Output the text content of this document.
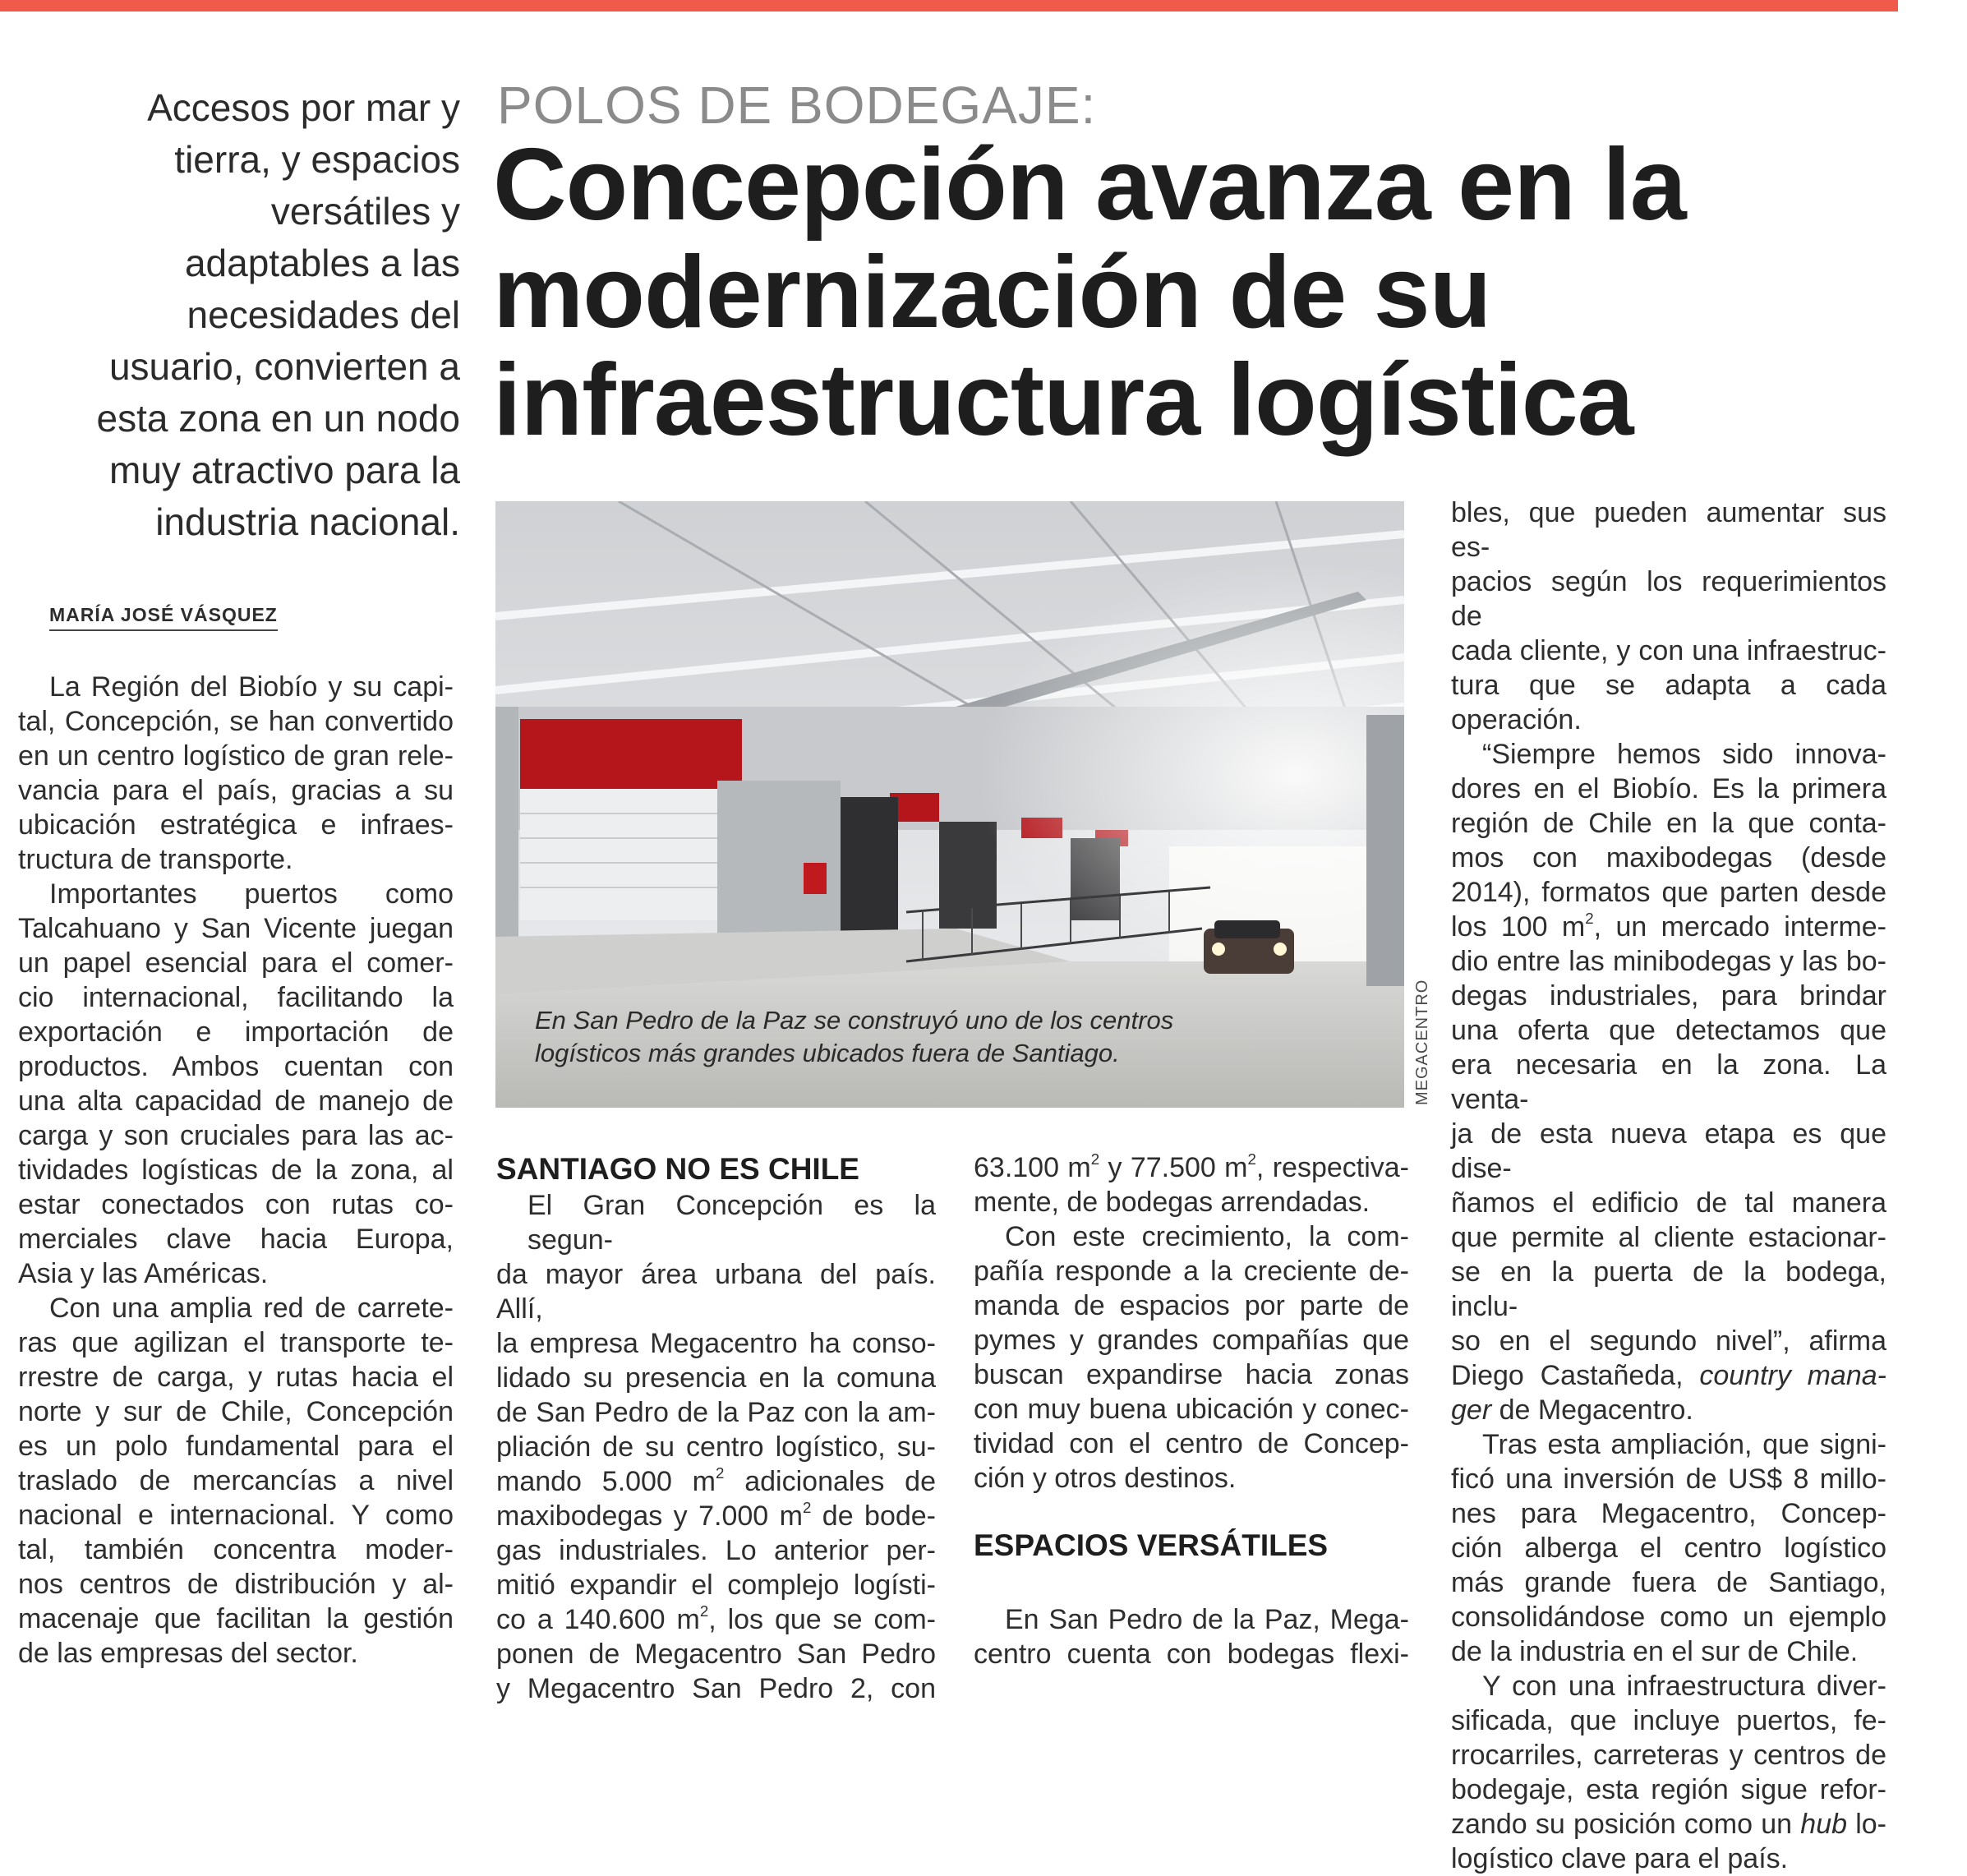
Accesos por mar y
tierra, y espacios
versátiles y
adaptables a las
necesidades del
usuario, convierten a
esta zona en un nodo
muy atractivo para la
industria nacional.
POLOS DE BODEGAJE:
Concepción avanza en la
modernización de su
infraestructura logística
MARÍA JOSÉ VÁSQUEZ
La Región del Biobío y su capi-
tal, Concepción, se han convertido
en un centro logístico de gran rele-
vancia para el país, gracias a su
ubicación estratégica e infraes-
tructura de transporte.
Importantes puertos como
Talcahuano y San Vicente juegan
un papel esencial para el comer-
cio internacional, facilitando la
exportación e importación de
productos. Ambos cuentan con
una alta capacidad de manejo de
carga y son cruciales para las ac-
tividades logísticas de la zona, al
estar conectados con rutas co-
merciales clave hacia Europa,
Asia y las Américas.
Con una amplia red de carrete-
ras que agilizan el transporte te-
rrestre de carga, y rutas hacia el
norte y sur de Chile, Concepción
es un polo fundamental para el
traslado de mercancías a nivel
nacional e internacional. Y como
tal, también concentra moder-
nos centros de distribución y al-
macenaje que facilitan la gestión
de las empresas del sector.
En San Pedro de la Paz se construyó uno de los centros
logísticos más grandes ubicados fuera de Santiago.	MEGACENTRO
SANTIAGO NO ES CHILE
El Gran Concepción es la segun-
da mayor área urbana del país. Allí,
la empresa Megacentro ha conso-
lidado su presencia en la comuna
de San Pedro de la Paz con la am-
pliación de su centro logístico, su-
mando 5.000 $m^2$ adicionales de
maxibodegas y 7.000 $m^2$ de bode-
gas industriales. Lo anterior per-
mitió expandir el complejo logísti-
co a 140.600 $m^2$, los que se com-
ponen de Megacentro San Pedro
y Megacentro San Pedro 2, con
63.100 $m^2$ y 77.500 $m^2$, respectiva-
mente, de bodegas arrendadas.
Con este crecimiento, la com-
pañía responde a la creciente de-
manda de espacios por parte de
pymes y grandes compañías que
buscan expandirse hacia zonas
con muy buena ubicación y conec-
tividad con el centro de Concep-
ción y otros destinos.
ESPACIOS VERSÁTILES
En San Pedro de la Paz, Mega-
centro cuenta con bodegas flexi-
bles, que pueden aumentar sus es-
pacios según los requerimientos de
cada cliente, y con una infraestruc-
tura que se adapta a cada operación.
“Siempre hemos sido innova-
dores en el Biobío. Es la primera
región de Chile en la que conta-
mos con maxibodegas (desde
2014), formatos que parten desde
los 100 $m^2$, un mercado interme-
dio entre las minibodegas y las bo-
degas industriales, para brindar
una oferta que detectamos que
era necesaria en la zona. La venta-
ja de esta nueva etapa es que dise-
ñamos el edificio de tal manera
que permite al cliente estacionar-
se en la puerta de la bodega, inclu-
so en el segundo nivel”, afirma
Diego Castañeda, country mana-
ger de Megacentro.
Tras esta ampliación, que signi-
ficó una inversión de US$ 8 millo-
nes para Megacentro, Concep-
ción alberga el centro logístico
más grande fuera de Santiago,
consolidándose como un ejemplo
de la industria en el sur de Chile.
Y con una infraestructura diver-
sificada, que incluye puertos, fe-
rrocarriles, carreteras y centros de
bodegaje, esta región sigue refor-
zando su posición como un hub lo-
logístico clave para el país.
